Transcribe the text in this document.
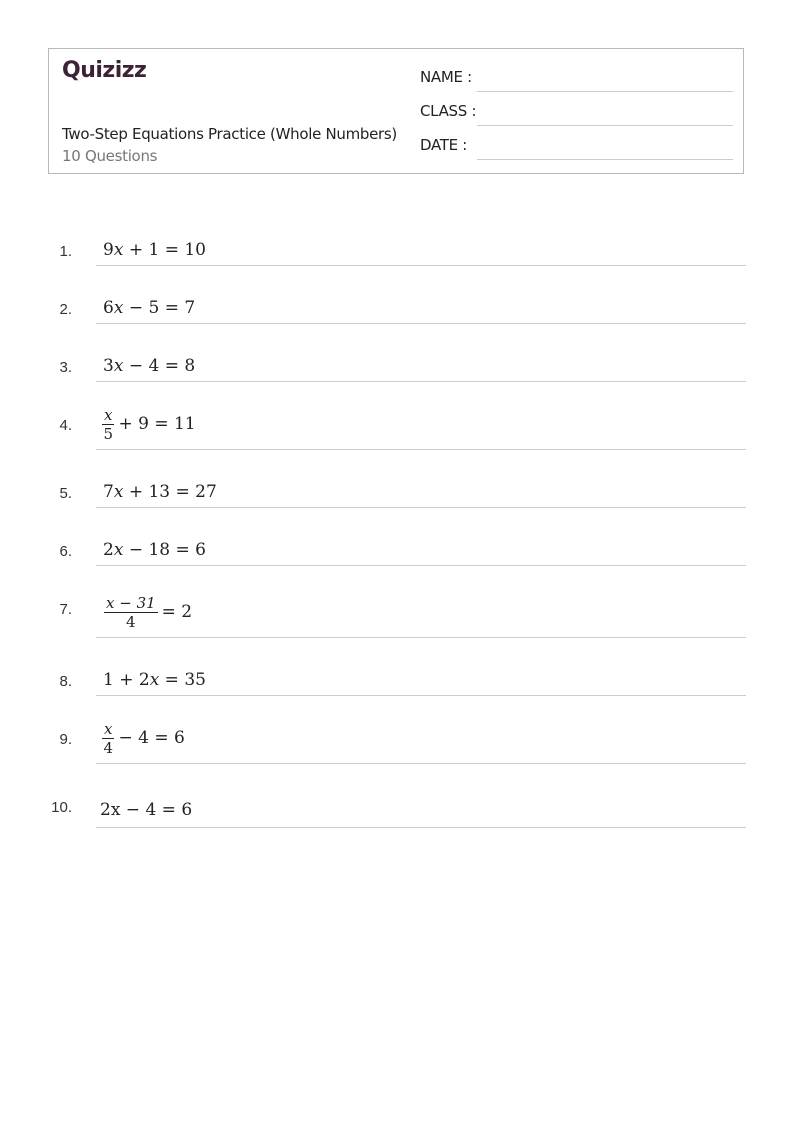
Quizizz
Two-Step Equations Practice (Whole Numbers)
10 Questions
NAME :
CLASS :
DATE :
1. 9x + 1 = 10
2. 6x − 5 = 7
3. 3x − 4 = 8
4. $\frac{x}{5} + 9 = 11$
5. 7x + 13 = 27
6. 2x − 18 = 6
7. $\frac{x - 31}{4} = 2$
8. 1 + 2x = 35
9. $\frac{x}{4} - 4 = 6$
10. 2x − 4 = 6
